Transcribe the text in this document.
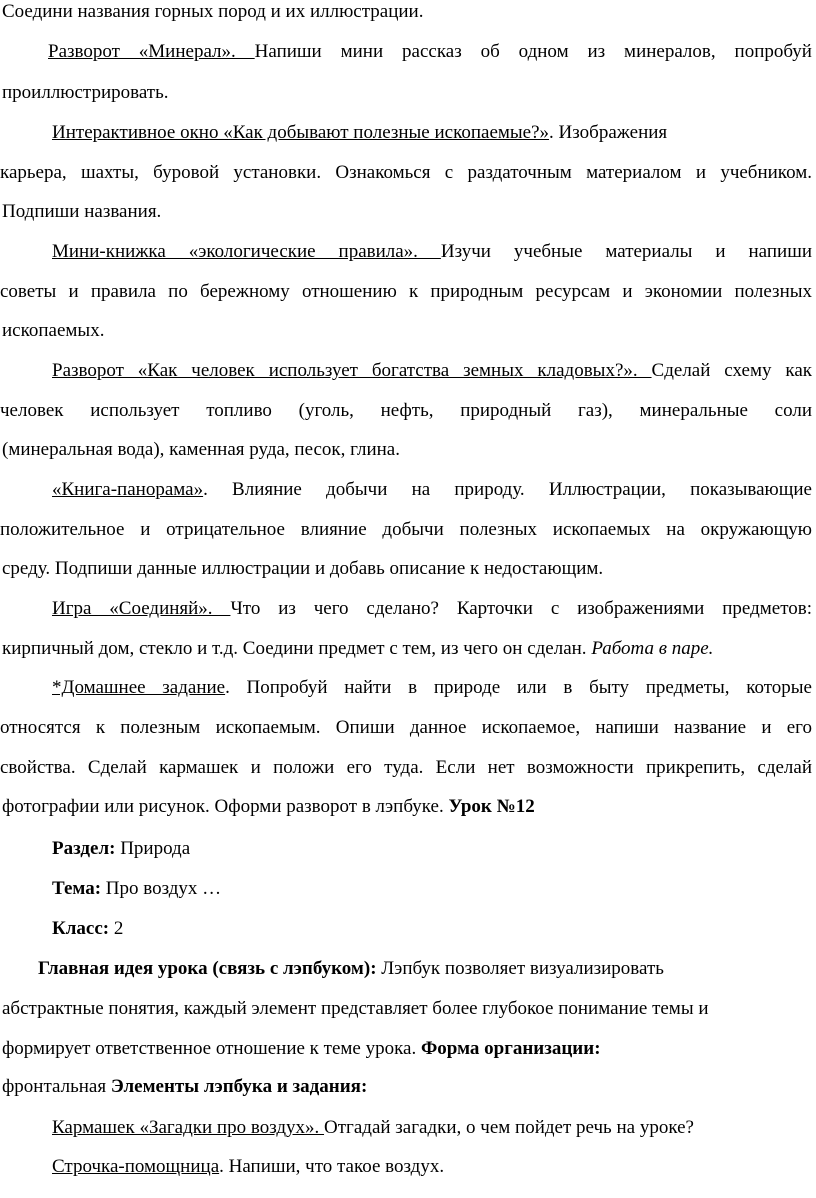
Соедини названия горных пород и их иллюстрации.
Разворот «Минерал». Напиши мини рассказ об одном из минералов, попробуй
проиллюстрировать.
Интерактивное окно «Как добывают полезные ископаемые?». Изображения
карьера, шахты, буровой установки. Ознакомься с раздаточным материалом и учебником.
Подпиши названия.
Мини-книжка «экологические правила». Изучи учебные материалы и напиши
советы и правила по бережному отношению к природным ресурсам и экономии полезных
ископаемых.
Разворот «Как человек использует богатства земных кладовых?». Сделай схему как
человек использует топливо (уголь, нефть, природный газ), минеральные соли
(минеральная вода), каменная руда, песок, глина.
«Книга-панорама». Влияние добычи на природу. Иллюстрации, показывающие
положительное и отрицательное влияние добычи полезных ископаемых на окружающую
среду. Подпиши данные иллюстрации и добавь описание к недостающим.
Игра «Соединяй». Что из чего сделано? Карточки с изображениями предметов:
кирпичный дом, стекло и т.д. Соедини предмет с тем, из чего он сделан. Работа в паре.
*Домашнее задание. Попробуй найти в природе или в быту предметы, которые
относятся к полезным ископаемым. Опиши данное ископаемое, напиши название и его
свойства. Сделай кармашек и положи его туда. Если нет возможности прикрепить, сделай
фотографии или рисунок. Оформи разворот в лэпбуке. Урок №12
Раздел: Природа
Тема: Про воздух …
Класс: 2
Главная идея урока (связь с лэпбуком): Лэпбук позволяет визуализировать
абстрактные понятия, каждый элемент представляет более глубокое понимание темы и
формирует ответственное отношение к теме урока. Форма организации:
фронтальная Элементы лэпбука и задания:
Кармашек «Загадки про воздух». Отгадай загадки, о чем пойдет речь на уроке?
Строчка-помощница. Напиши, что такое воздух.
